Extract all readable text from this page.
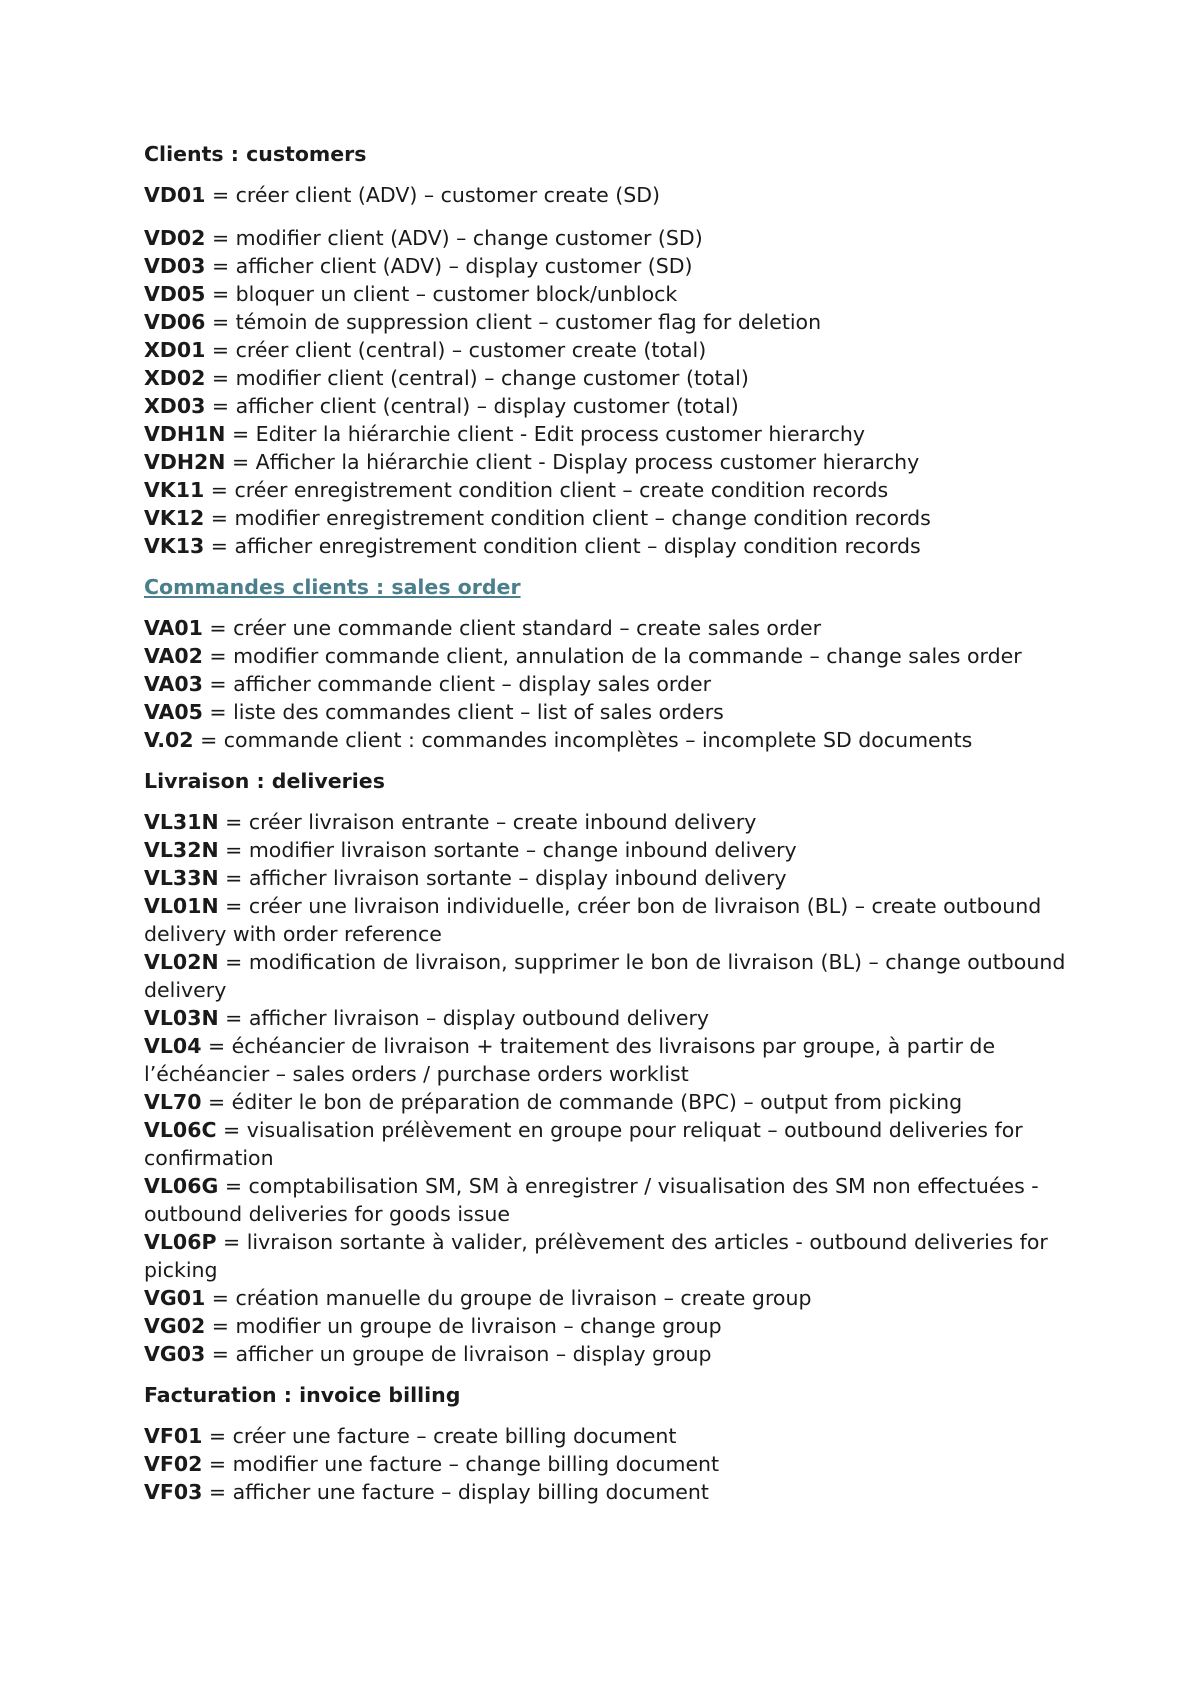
Clients : customers

VD01 = créer client (ADV) – customer create (SD)

VD02 = modifier client (ADV) – change customer (SD)

VD03 = afficher client (ADV) – display customer (SD)

VD05 = bloquer un client – customer block/unblock

VD06 = témoin de suppression client – customer flag for deletion

XD01 = créer client (central) – customer create (total)

XD02 = modifier client (central) – change customer (total)

XD03 = afficher client (central) – display customer (total)

VDH1N = Editer la hiérarchie client - Edit process customer hierarchy

VDH2N = Afficher la hiérarchie client - Display process customer hierarchy

VK11 = créer enregistrement condition client – create condition records

VK12 = modifier enregistrement condition client – change condition records

VK13 = afficher enregistrement condition client – display condition records

Commandes clients : sales order

VA01 = créer une commande client standard – create sales order

VA02 = modifier commande client, annulation de la commande – change sales order

VA03 = afficher commande client – display sales order

VA05 = liste des commandes client – list of sales orders

V.02 = commande client : commandes incomplètes – incomplete SD documents

Livraison : deliveries

VL31N = créer livraison entrante – create inbound delivery

VL32N = modifier livraison sortante – change inbound delivery

VL33N = afficher livraison sortante – display inbound delivery

VL01N = créer une livraison individuelle, créer bon de livraison (BL) – create outbound delivery with order reference

VL02N = modification de livraison, supprimer le bon de livraison (BL) – change outbound delivery

VL03N = afficher livraison – display outbound delivery

VL04 = échéancier de livraison + traitement des livraisons par groupe, à partir de l’échéancier – sales orders / purchase orders worklist

VL70 = éditer le bon de préparation de commande (BPC) – output from picking

VL06C = visualisation prélèvement en groupe pour reliquat – outbound deliveries for confirmation

VL06G = comptabilisation SM, SM à enregistrer / visualisation des SM non effectuées - outbound deliveries for goods issue

VL06P = livraison sortante à valider, prélèvement des articles - outbound deliveries for picking

VG01 = création manuelle du groupe de livraison – create group

VG02 = modifier un groupe de livraison – change group

VG03 = afficher un groupe de livraison – display group

Facturation : invoice billing

VF01 = créer une facture – create billing document

VF02 = modifier une facture – change billing document

VF03 = afficher une facture – display billing document
